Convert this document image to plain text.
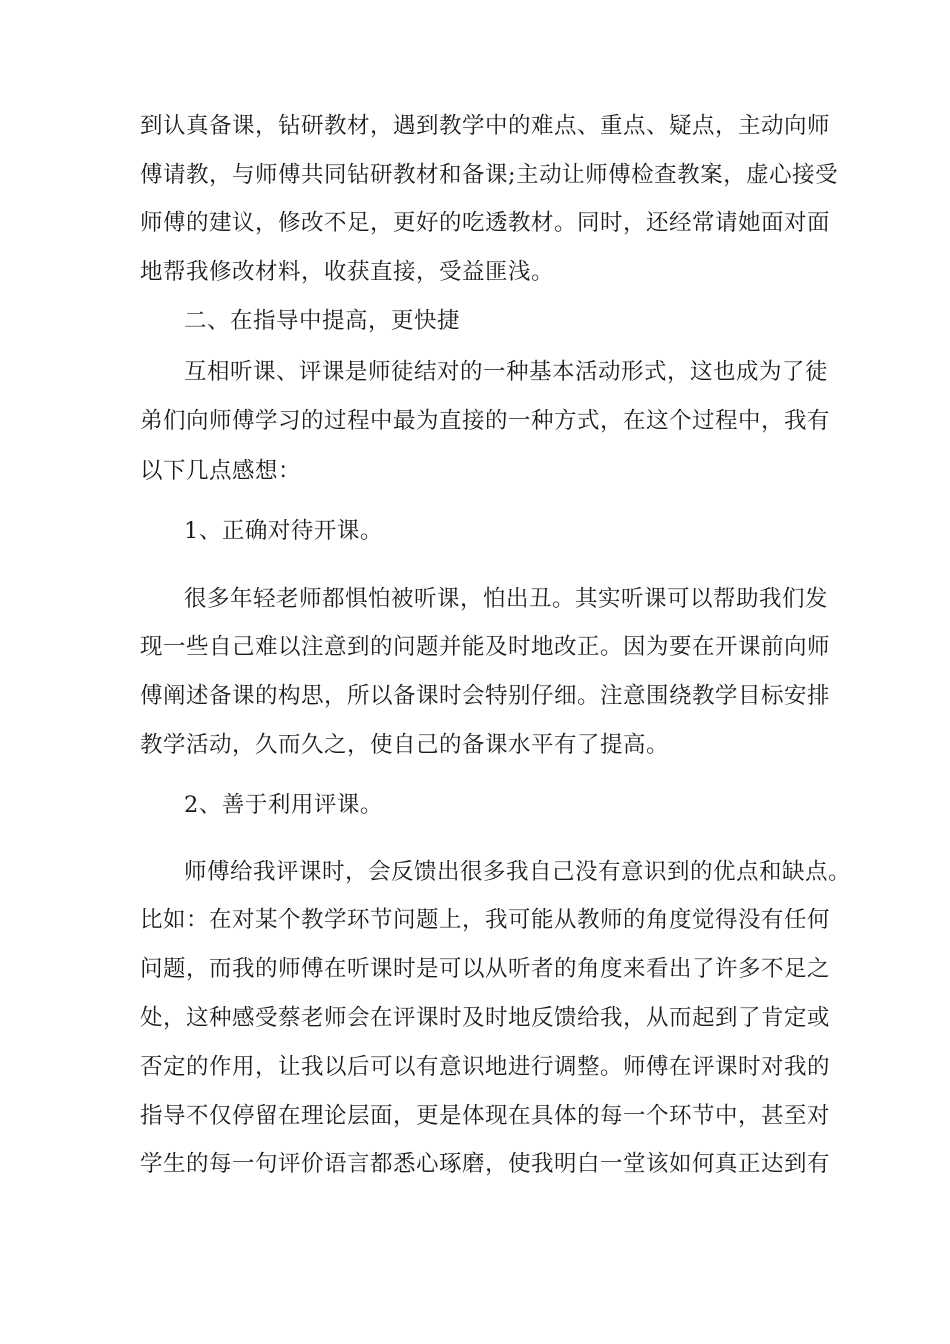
到认真备课，钻研教材，遇到教学中的难点、重点、疑点，主动向师
傅请教，与师傅共同钻研教材和备课;主动让师傅检查教案，虚心接受
师傅的建议，修改不足，更好的吃透教材。同时，还经常请她面对面
地帮我修改材料，收获直接，受益匪浅。
二、在指导中提高，更快捷
互相听课、评课是师徒结对的一种基本活动形式，这也成为了徒
弟们向师傅学习的过程中最为直接的一种方式，在这个过程中，我有
以下几点感想：
1、正确对待开课。
很多年轻老师都惧怕被听课，怕出丑。其实听课可以帮助我们发
现一些自己难以注意到的问题并能及时地改正。因为要在开课前向师
傅阐述备课的构思，所以备课时会特别仔细。注意围绕教学目标安排
教学活动，久而久之，使自己的备课水平有了提高。
2、善于利用评课。
师傅给我评课时，会反馈出很多我自己没有意识到的优点和缺点。
比如：在对某个教学环节问题上，我可能从教师的角度觉得没有任何
问题，而我的师傅在听课时是可以从听者的角度来看出了许多不足之
处，这种感受蔡老师会在评课时及时地反馈给我，从而起到了肯定或
否定的作用，让我以后可以有意识地进行调整。师傅在评课时对我的
指导不仅停留在理论层面，更是体现在具体的每一个环节中，甚至对
学生的每一句评价语言都悉心琢磨，使我明白一堂该如何真正达到有
